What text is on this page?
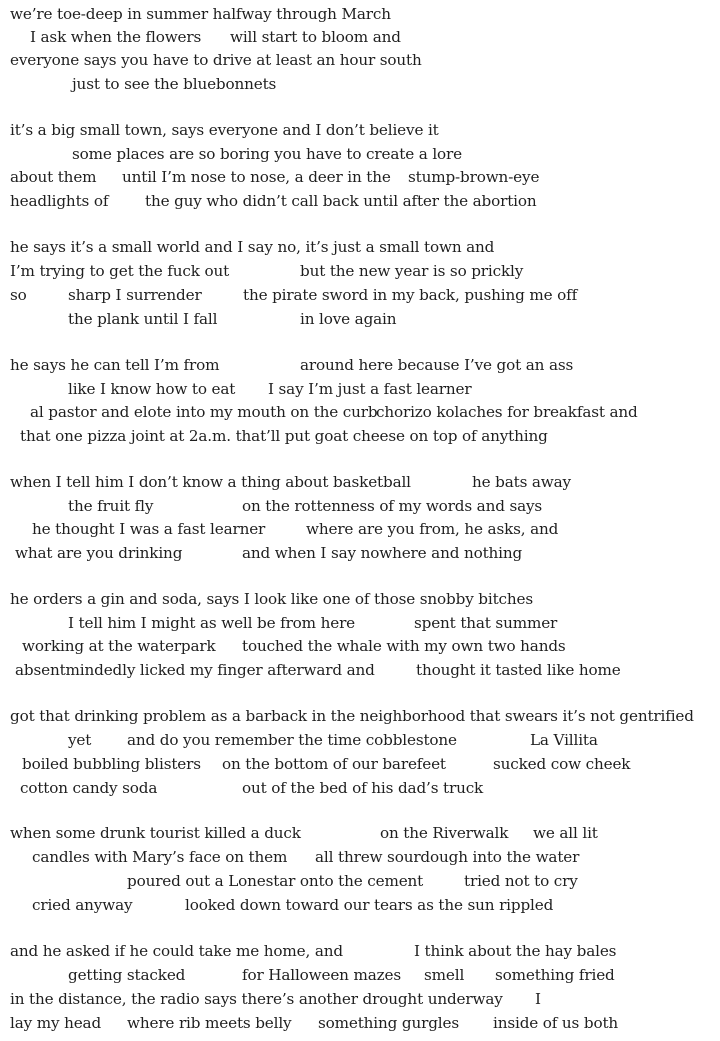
we’re toe-deep in summer halfway through March
I ask when the flowers will start to bloom and
everyone says you have to drive at least an hour south
just to see the bluebonnets
it’s a big small town, says everyone and I don’t believe it
some places are so boring you have to create a lore
about them until I’m nose to nose, a deer in the stump-brown-eye
headlights of the guy who didn’t call back until after the abortion
he says it’s a small world and I say no, it’s just a small town and
I’m trying to get the fuck out	but the new year is so prickly
so	sharp I surrender	the pirate sword in my back, pushing me off
the plank until I fall	in love again
he says he can tell I’m from	around here because I’ve got an ass
like I know how to eat I say I’m just a fast learner
al pastor and elote into my mouth on the curb
chorizo kolaches for breakfast and
that one pizza joint at 2a.m. that’ll put goat cheese on top of anything
when I tell him I don’t know a thing about basketball	he bats away
the fruit fly	on the rottenness of my words and says
he thought I was a fast learner	where are you from, he asks, and
what are you drinking	and when I say nowhere and nothing
he orders a gin and soda, says I look like one of those snobby bitches
I tell him I might as well be from here	spent that summer
working at the waterpark touched the whale with my own two hands
absentmindedly licked my finger afterward and	thought it tasted like home
got that drinking problem as a barback in the neighborhood that swears it’s not gentrified
yet and do you remember the time cobblestone	La Villita
boiled bubbling blisters on the bottom of our barefeet	sucked cow cheek
cotton candy soda	out of the bed of his dad’s truck
when some drunk tourist killed a duck	on the Riverwalk we all lit
candles with Mary’s face on them all threw sourdough into the water
poured out a Lonestar onto the cement	tried not to cry
cried anyway	looked down toward our tears as the sun rippled
and he asked if he could take me home, and	I think about the hay bales
getting stacked	for Halloween mazes smell something fried
in the distance, the radio says there’s another drought underway I
lay my head where rib meets belly something gurgles inside of us both
